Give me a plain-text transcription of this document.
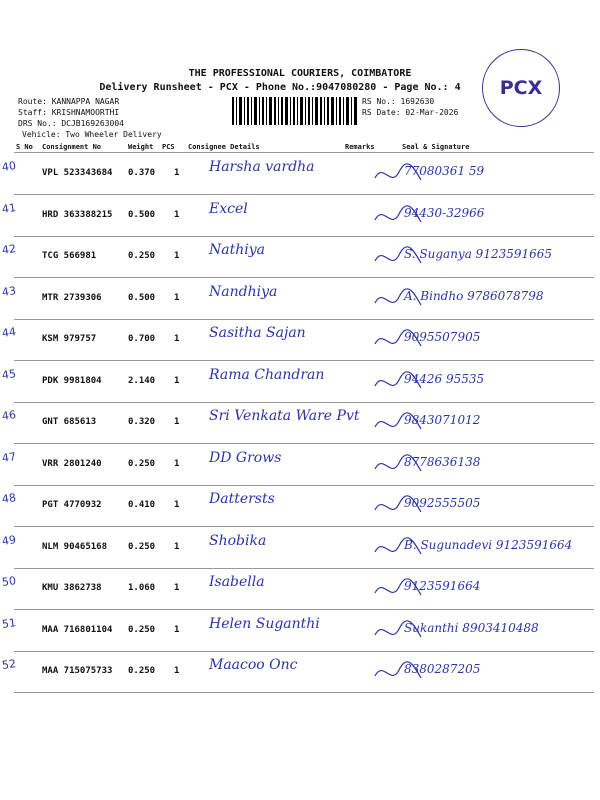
THE PROFESSIONAL COURIERS, COIMBATORE
Delivery Runsheet - PCX - Phone No.:9047080280 - Page No.: 4
Route: KANNAPPA NAGAR
Staff: KRISHNAMOORTHI
DRS No.: DCJB169263004
Vehicle: Two Wheeler Delivery
RS No.: 1692630
RS Date: 02-Mar-2026
PCX
S No Consignment No	Weight PCS Consignee Details	Remarks	Seal & Signature
40	VPL 523343684 0.370 1 Harsha vardha	77080361 59
41	HRD 363388215 0.500 1 Excel	94430-32966
42	TCG 566981	0.250 1 Nathiya	S. Suganya 9123591665
43	MTR 2739306	0.500 1 Nandhiya	A. Bindho 9786078798
44	KSM 979757	0.700 1 Sasitha Sajan	9095507905
45	PDK 9981804	2.140 1 Rama Chandran	94426 95535
46	GNT 685613	0.320 1 Sri Venkata Ware Pvt	9843071012
47	VRR 2801240	0.250 1 DD Grows	8778636138
48	PGT 4770932	0.410 1 Dattersts	9092555505
49	NLM 90465168 0.250 1 Shobika	B. Sugunadevi 9123591664
50	KMU 3862738	1.060 1 Isabella	9123591664
51	MAA 716801104 0.250 1 Helen Suganthi	Sukanthi 8903410488
52	MAA 715075733 0.250 1 Maacoo Onc	8380287205
